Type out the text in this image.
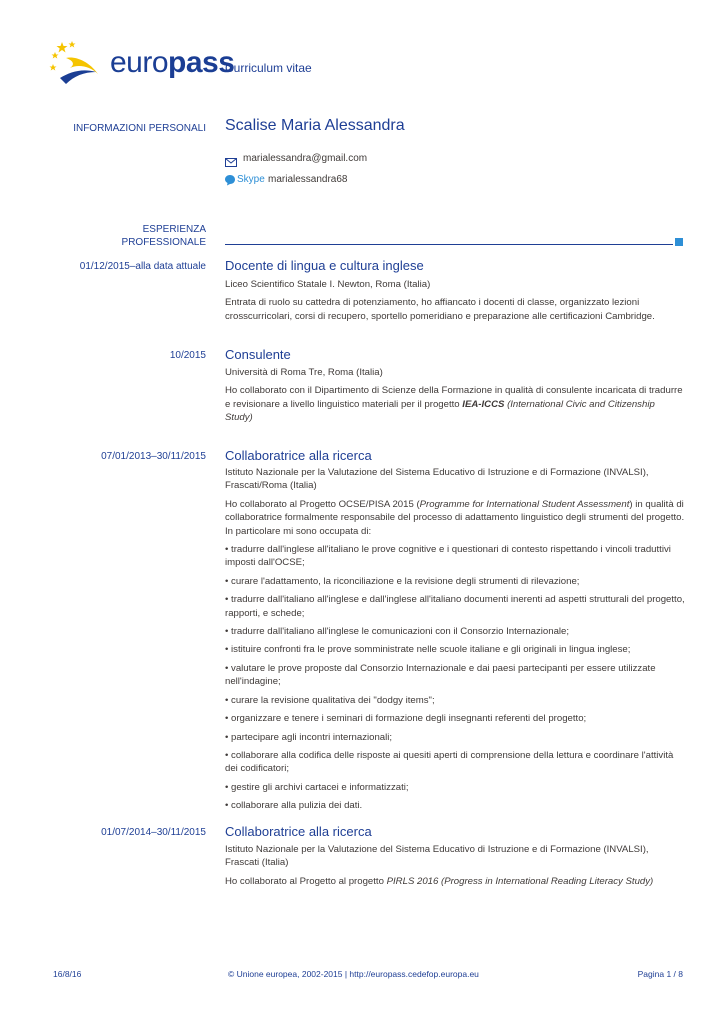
europass
Curriculum vitae
INFORMAZIONI PERSONALI Scalise Maria Alessandra
marialessandra@gmail.com
Skype marialessandra68
ESPERIENZA
PROFESSIONALE
01/12/2015–alla data attuale Docente di lingua e cultura inglese

Liceo Scientifico Statale I. Newton, Roma (Italia)

Entrata di ruolo su cattedra di potenziamento, ho affiancato i docenti di classe, organizzato lezioni crosscurricolari, corsi di recupero, sportello pomeridiano e preparazione alle certificazioni Cambridge.

10/2015 Consulente

Università di Roma Tre, Roma (Italia)

Ho collaborato con il Dipartimento di Scienze della Formazione in qualità di consulente incaricata di tradurre e revisionare a livello linguistico materiali per il progetto IEA-ICCS (International Civic and Citizenship Study)

07/01/2013–30/11/2015 Collaboratrice alla ricerca

Istituto Nazionale per la Valutazione del Sistema Educativo di Istruzione e di Formazione (INVALSI), Frascati/Roma (Italia)

Ho collaborato al Progetto OCSE/PISA 2015 (Programme for International Student Assessment) in qualità di collaboratrice formalmente responsabile del processo di adattamento linguistico degli strumenti del progetto. In particolare mi sono occupata di:

• tradurre dall'inglese all'italiano le prove cognitive e i questionari di contesto rispettando i vincoli traduttivi imposti dall'OCSE;

• curare l'adattamento, la riconciliazione e la revisione degli strumenti di rilevazione;

• tradurre dall'italiano all'inglese e dall'inglese all'italiano documenti inerenti ad aspetti strutturali del progetto, rapporti, e schede;

• tradurre dall'italiano all'inglese le comunicazioni con il Consorzio Internazionale;

• istituire confronti fra le prove somministrate nelle scuole italiane e gli originali in lingua inglese;

• valutare le prove proposte dal Consorzio Internazionale e dai paesi partecipanti per essere utilizzate nell'indagine;

• curare la revisione qualitativa dei "dodgy items";

• organizzare e tenere i seminari di formazione degli insegnanti referenti del progetto;

• partecipare agli incontri internazionali;

• collaborare alla codifica delle risposte ai quesiti aperti di comprensione della lettura e coordinare l'attività dei codificatori;

• gestire gli archivi cartacei e informatizzati;

• collaborare alla pulizia dei dati.

01/07/2014–30/11/2015 Collaboratrice alla ricerca

Istituto Nazionale per la Valutazione del Sistema Educativo di Istruzione e di Formazione (INVALSI), Frascati (Italia)

Ho collaborato al Progetto al progetto PIRLS 2016 (Progress in International Reading Literacy Study)

16/8/16	© Unione europea, 2002-2015 | http://europass.cedefop.europa.eu	Pagina 1 / 8
